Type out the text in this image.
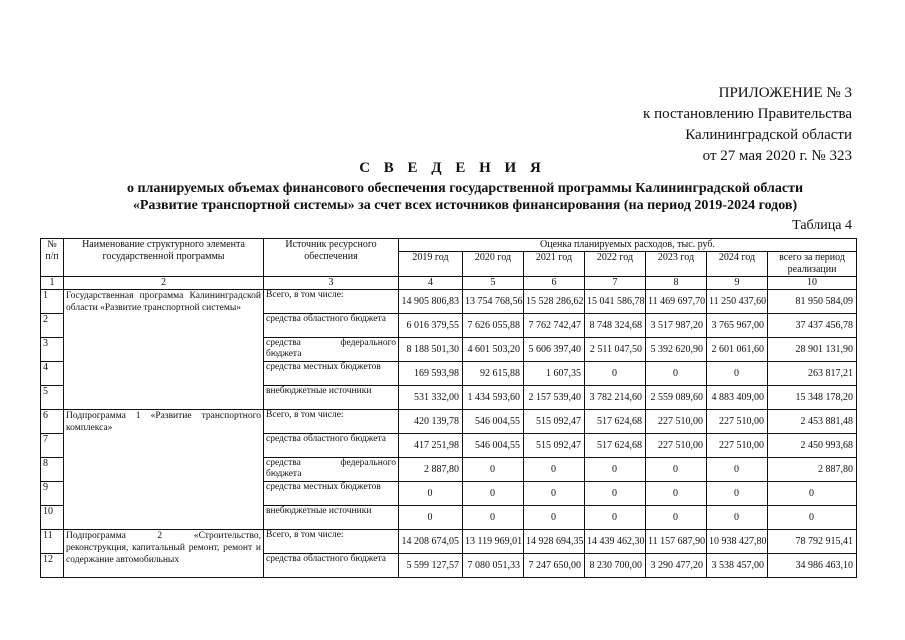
ПРИЛОЖЕНИЕ № 3
к постановлению Правительства
Калининградской области
от 27 мая 2020 г. № 323
С В Е Д Е Н И Я
о планируемых объемах финансового обеспечения государственной программы Калининградской области
«Развитие транспортной системы» за счет всех источников финансирования (на период 2019-2024 годов)
Таблица 4
№ п/п	Наименование структурного элемента государственной программы	Источник ресурсного обеспечения	Оценка планируемых расходов, тыс. руб.						
			2019 год	2020 год	2021 год	2022 год	2023 год	2024 год	всего за период реализации
1	2	3	4	5	6	7	8	9	10
1	Государственная программа Калининградской области «Развитие транспортной системы»	Всего, в том числе:	14 905 806,83	13 754 768,56	15 528 286,62	15 041 586,78	11 469 697,70	11 250 437,60	81 950 584,09
2		средства областного бюджета	6 016 379,55	7 626 055,88	7 762 742,47	8 748 324,68	3 517 987,20	3 765 967,00	37 437 456,78
3		средства федерального бюджета	8 188 501,30	4 601 503,20	5 606 397,40	2 511 047,50	5 392 620,90	2 601 061,60	28 901 131,90
4		средства местных бюджетов	169 593,98	92 615,88	1 607,35	0	0	0	263 817,21
5		внебюджетные источники	531 332,00	1 434 593,60	2 157 539,40	3 782 214,60	2 559 089,60	4 883 409,00	15 348 178,20
6	Подпрограмма 1 «Развитие транспортного комплекса»	Всего, в том числе:	420 139,78	546 004,55	515 092,47	517 624,68	227 510,00	227 510,00	2 453 881,48
7		средства областного бюджета	417 251,98	546 004,55	515 092,47	517 624,68	227 510,00	227 510,00	2 450 993,68
8		средства федерального бюджета	2 887,80	0	0	0	0	0	2 887,80
9		средства местных бюджетов	0	0	0	0	0	0	0
10		внебюджетные источники	0	0	0	0	0	0	0
11	Подпрограмма 2 «Строительство, реконструкция, капитальный ремонт, ремонт и содержание автомобильных	Всего, в том числе:	14 208 674,05	13 119 969,01	14 928 694,35	14 439 462,30	11 157 687,90	10 938 427,80	78 792 915,41
12		средства областного бюджета	5 599 127,57	7 080 051,33	7 247 650,00	8 230 700,00	3 290 477,20	3 538 457,00	34 986 463,10
